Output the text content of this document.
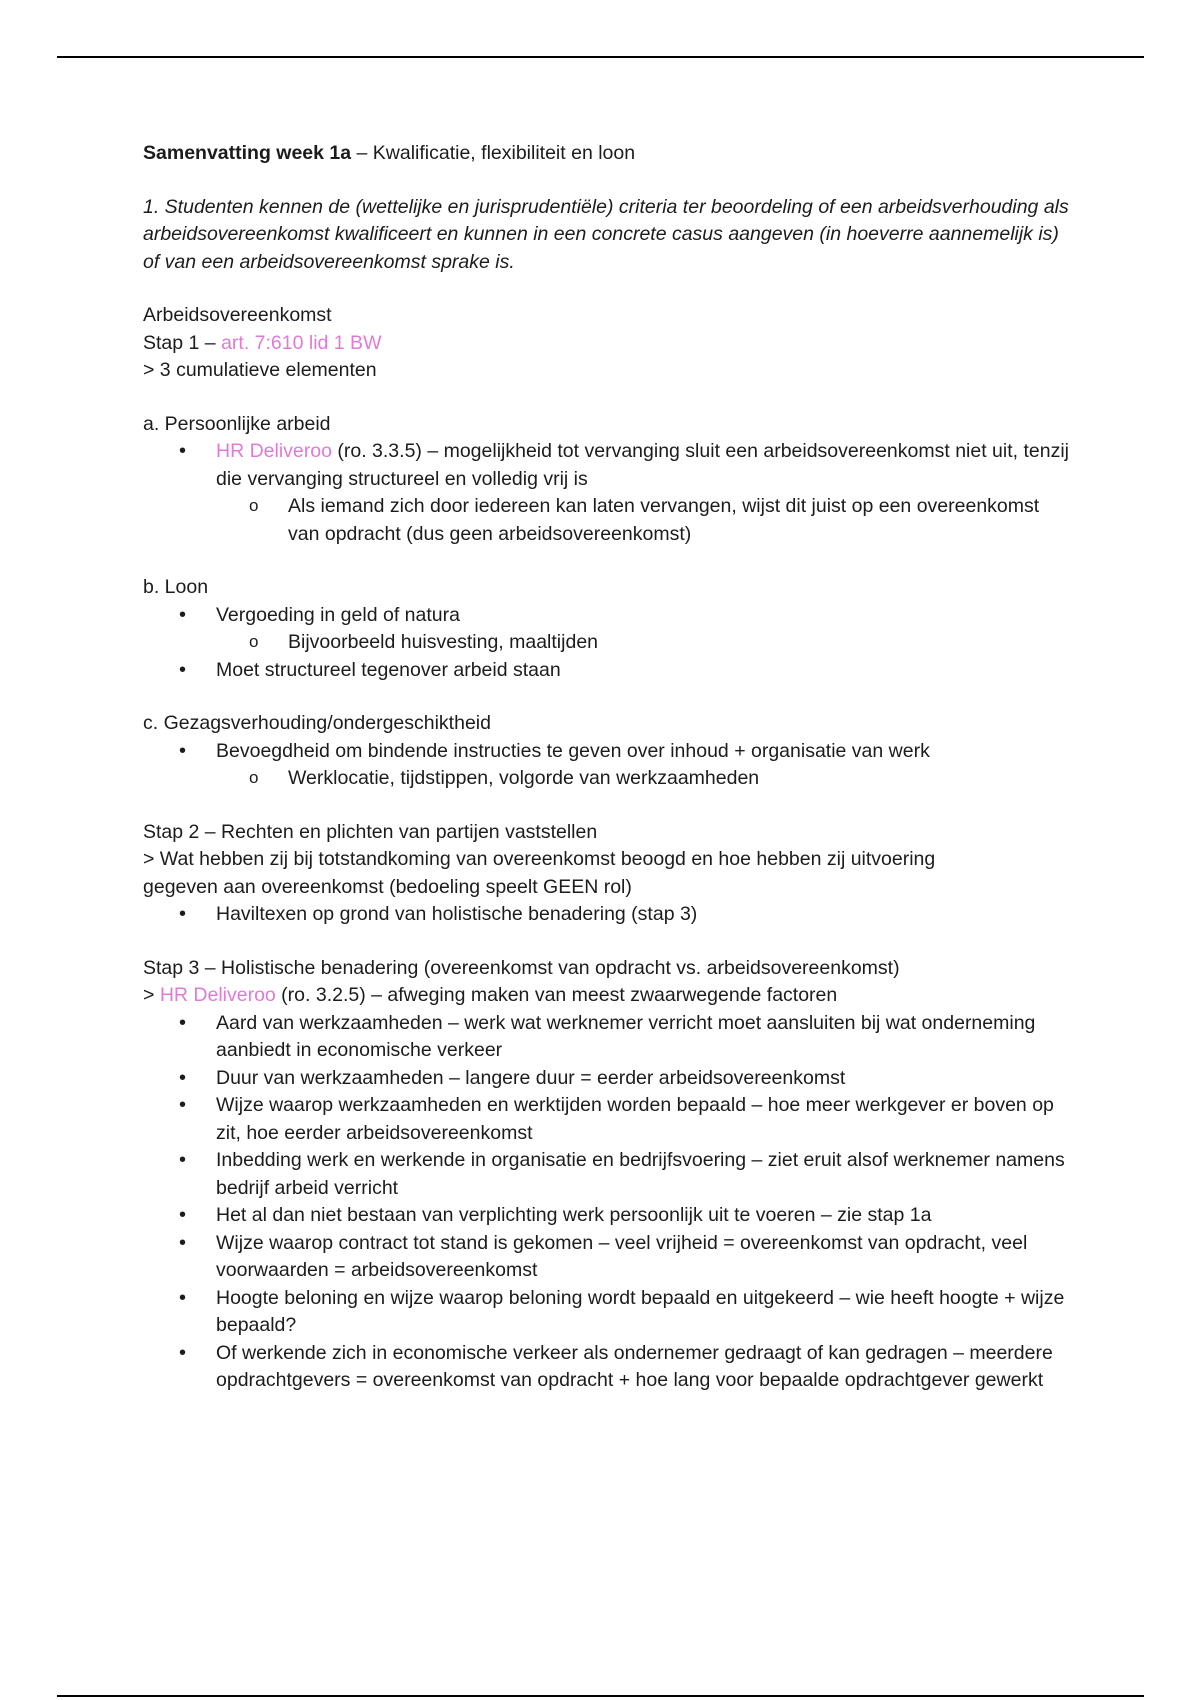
Samenvatting week 1a – Kwalificatie, flexibiliteit en loon
1. Studenten kennen de (wettelijke en jurisprudentiële) criteria ter beoordeling of een arbeidsverhouding als arbeidsovereenkomst kwalificeert en kunnen in een concrete casus aangeven (in hoeverre aannemelijk is) of van een arbeidsovereenkomst sprake is.
Arbeidsovereenkomst
Stap 1 – art. 7:610 lid 1 BW
> 3 cumulatieve elementen
a. Persoonlijke arbeid
• HR Deliveroo (ro. 3.3.5) – mogelijkheid tot vervanging sluit een arbeidsovereenkomst niet uit, tenzij die vervanging structureel en volledig vrij is
o Als iemand zich door iedereen kan laten vervangen, wijst dit juist op een overeenkomst van opdracht (dus geen arbeidsovereenkomst)
b. Loon
• Vergoeding in geld of natura
o Bijvoorbeeld huisvesting, maaltijden
• Moet structureel tegenover arbeid staan
c. Gezagsverhouding/ondergeschiktheid
• Bevoegdheid om bindende instructies te geven over inhoud + organisatie van werk
o Werklocatie, tijdstippen, volgorde van werkzaamheden
Stap 2 – Rechten en plichten van partijen vaststellen
> Wat hebben zij bij totstandkoming van overeenkomst beoogd en hoe hebben zij uitvoering
gegeven aan overeenkomst (bedoeling speelt GEEN rol)
• Haviltexen op grond van holistische benadering (stap 3)
Stap 3 – Holistische benadering (overeenkomst van opdracht vs. arbeidsovereenkomst)
> HR Deliveroo (ro. 3.2.5) – afweging maken van meest zwaarwegende factoren
• Aard van werkzaamheden – werk wat werknemer verricht moet aansluiten bij wat onderneming aanbiedt in economische verkeer
• Duur van werkzaamheden – langere duur = eerder arbeidsovereenkomst
• Wijze waarop werkzaamheden en werktijden worden bepaald – hoe meer werkgever er boven op zit, hoe eerder arbeidsovereenkomst
• Inbedding werk en werkende in organisatie en bedrijfsvoering – ziet eruit alsof werknemer namens bedrijf arbeid verricht
• Het al dan niet bestaan van verplichting werk persoonlijk uit te voeren – zie stap 1a
• Wijze waarop contract tot stand is gekomen – veel vrijheid = overeenkomst van opdracht, veel voorwaarden = arbeidsovereenkomst
• Hoogte beloning en wijze waarop beloning wordt bepaald en uitgekeerd – wie heeft hoogte + wijze bepaald?
• Of werkende zich in economische verkeer als ondernemer gedraagt of kan gedragen – meerdere opdrachtgevers = overeenkomst van opdracht + hoe lang voor bepaalde opdrachtgever gewerkt
